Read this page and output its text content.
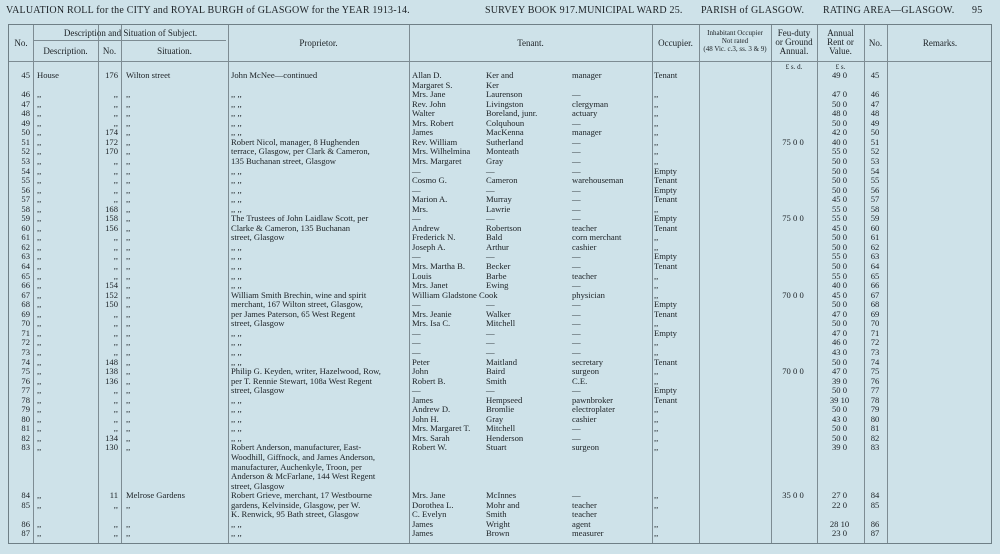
VALUATION ROLL for the CITY and ROYAL BURGH of GLASGOW for the YEAR 1913-14.	SURVEY BOOK 917. MUNICIPAL WARD 25. PARISH of GLASGOW. RATING AREA—GLASGOW. 95
No.
Description and Situation of Subject.
Description.	No.	Situation.
Proprietor.	Tenant.	Occupier.
Inhabitant Occupier
Not rated
(48 Vic. c.3, ss. 3 & 9)
Feu-duty
or Ground
Annual.
Annual
Rent or
Value.
No.	Remarks.
£ s. d.	£ s.
45 House	176 Wilton street	John McNee—continued	Allan D.	Ker and	manager	Tenant	49 0	45
Margaret S.	Ker
46 ,,	,, ,,	,, ,,	Mrs. Jane	Laurenson	—	,,	47 0	46
47 ,,	,, ,,	,, ,,	Rev. John	Livingston	clergyman	,,	50 0	47
48 ,,	,, ,,	,, ,,	Walter	Boreland, junr.	actuary	,,	48 0	48
49 ,,	,, ,,	,, ,,	Mrs. Robert	Colquhoun	—	,,	50 0	49
50 ,,	174 ,,	,, ,,	James	MacKenna	manager	,,	42 0	50
51 ,,	172 ,,	Robert Nicol, manager, 8 Hughenden	Rev. William	Sutherland	—	,,	75 0 0	40 0	51
52 ,,	170 ,,	terrace, Glasgow, per Clark & Cameron,	Mrs. Wilhelmina	Monteath	—	,,	55 0	52
53 ,,	,, ,,	135 Buchanan street, Glasgow	Mrs. Margaret	Gray	—	,,	50 0	53
54 ,,	,, ,,	,, ,,	—	—	—	Empty	50 0	54
55 ,,	,, ,,	,, ,,	Cosmo G.	Cameron	warehouseman	Tenant	50 0	55
56 ,,	,, ,,	,, ,,	—	—	—	Empty	50 0	56
57 ,,	,, ,,	,, ,,	Marion A.	Murray	—	Tenant	45 0	57
58 ,,	168 ,,	,, ,,	Mrs.	Lawrie	—	,,	55 0	58
59 ,,	158 ,,	The Trustees of John Laidlaw Scott, per	—	—	—	Empty	75 0 0	55 0	59
60 ,,	156 ,,	Clarke & Cameron, 135 Buchanan	Andrew	Robertson	teacher	Tenant	45 0	60
61 ,,	,, ,,	street, Glasgow	Frederick N.	Bald	corn merchant	,,	50 0	61
62 ,,	,, ,,	,, ,,	Joseph A.	Arthur	cashier	,,	50 0	62
63 ,,	,, ,,	,, ,,	—	—	—	Empty	55 0	63
64 ,,	,, ,,	,, ,,	Mrs. Martha B.	Becker	—	Tenant	50 0	64
65 ,,	,, ,,	,, ,,	Louis	Barbe	teacher	,,	55 0	65
66 ,,	154 ,,	,, ,,	Mrs. Janet	Ewing	—	,,	40 0	66
67 ,,	152 ,,	William Smith Brechin, wine and spirit	William Gladstone Cook	physician	,,	70 0 0	45 0	67
68 ,,	150 ,,	merchant, 167 Wilton street, Glasgow,	—	—	—	Empty	50 0	68
69 ,,	,, ,,	per James Paterson, 65 West Regent	Mrs. Jeanie	Walker	—	Tenant	47 0	69
70 ,,	,, ,,	street, Glasgow	Mrs. Isa C.	Mitchell	—	,,	50 0	70
71 ,,	,, ,,	,, ,,	—	—	—	Empty	47 0	71
72 ,,	,, ,,	,, ,,	—	—	—	,,	46 0	72
73 ,,	,, ,,	,, ,,	—	—	—	,,	43 0	73
74 ,,	148 ,,	,, ,,	Peter	Maitland	secretary	Tenant	50 0	74
75 ,,	138 ,,	Philip G. Keyden, writer, Hazelwood, Row,	John	Baird	surgeon	,,	70 0 0	47 0	75
76 ,,	136 ,,	per T. Rennie Stewart, 108a West Regent	Robert B.	Smith	C.E.	,,	39 0	76
77 ,,	,, ,,	street, Glasgow	—	—	—	Empty	50 0	77
78 ,,	,, ,,	,, ,,	James	Hempseed	pawnbroker	Tenant	39 10	78
79 ,,	,, ,,	,, ,,	Andrew D.	Bromlie	electroplater	,,	50 0	79
80 ,,	,, ,,	,, ,,	John H.	Gray	cashier	,,	43 0	80
81 ,,	,, ,,	,, ,,	Mrs. Margaret T.	Mitchell	—	,,	50 0	81
82 ,,	134 ,,	,, ,,	Mrs. Sarah	Henderson	—	,,	50 0	82
83 ,,	130 ,,	Robert Anderson, manufacturer, East-	Robert W.	Stuart	surgeon	,,	39 0	83
Woodhill, Giffnock, and James Anderson,
manufacturer, Auchenkyle, Troon, per
Anderson & McFarlane, 144 West Regent
street, Glasgow
84 ,,	11 Melrose Gardens	Robert Grieve, merchant, 17 Westbourne	Mrs. Jane	McInnes	—	,,	35 0 0	27 0	84
85 ,,	,, ,,	gardens, Kelvinside, Glasgow, per W.	Dorothea L.	Mohr and	teacher	,,	22 0	85
K. Renwick, 95 Bath street, Glasgow	C. Evelyn	Smith	teacher
86 ,,	,, ,,	,, ,,	James	Wright	agent	,,	28 10	86
87 ,,	,, ,,	,, ,,	James	Brown	measurer	,,	23 0	87
